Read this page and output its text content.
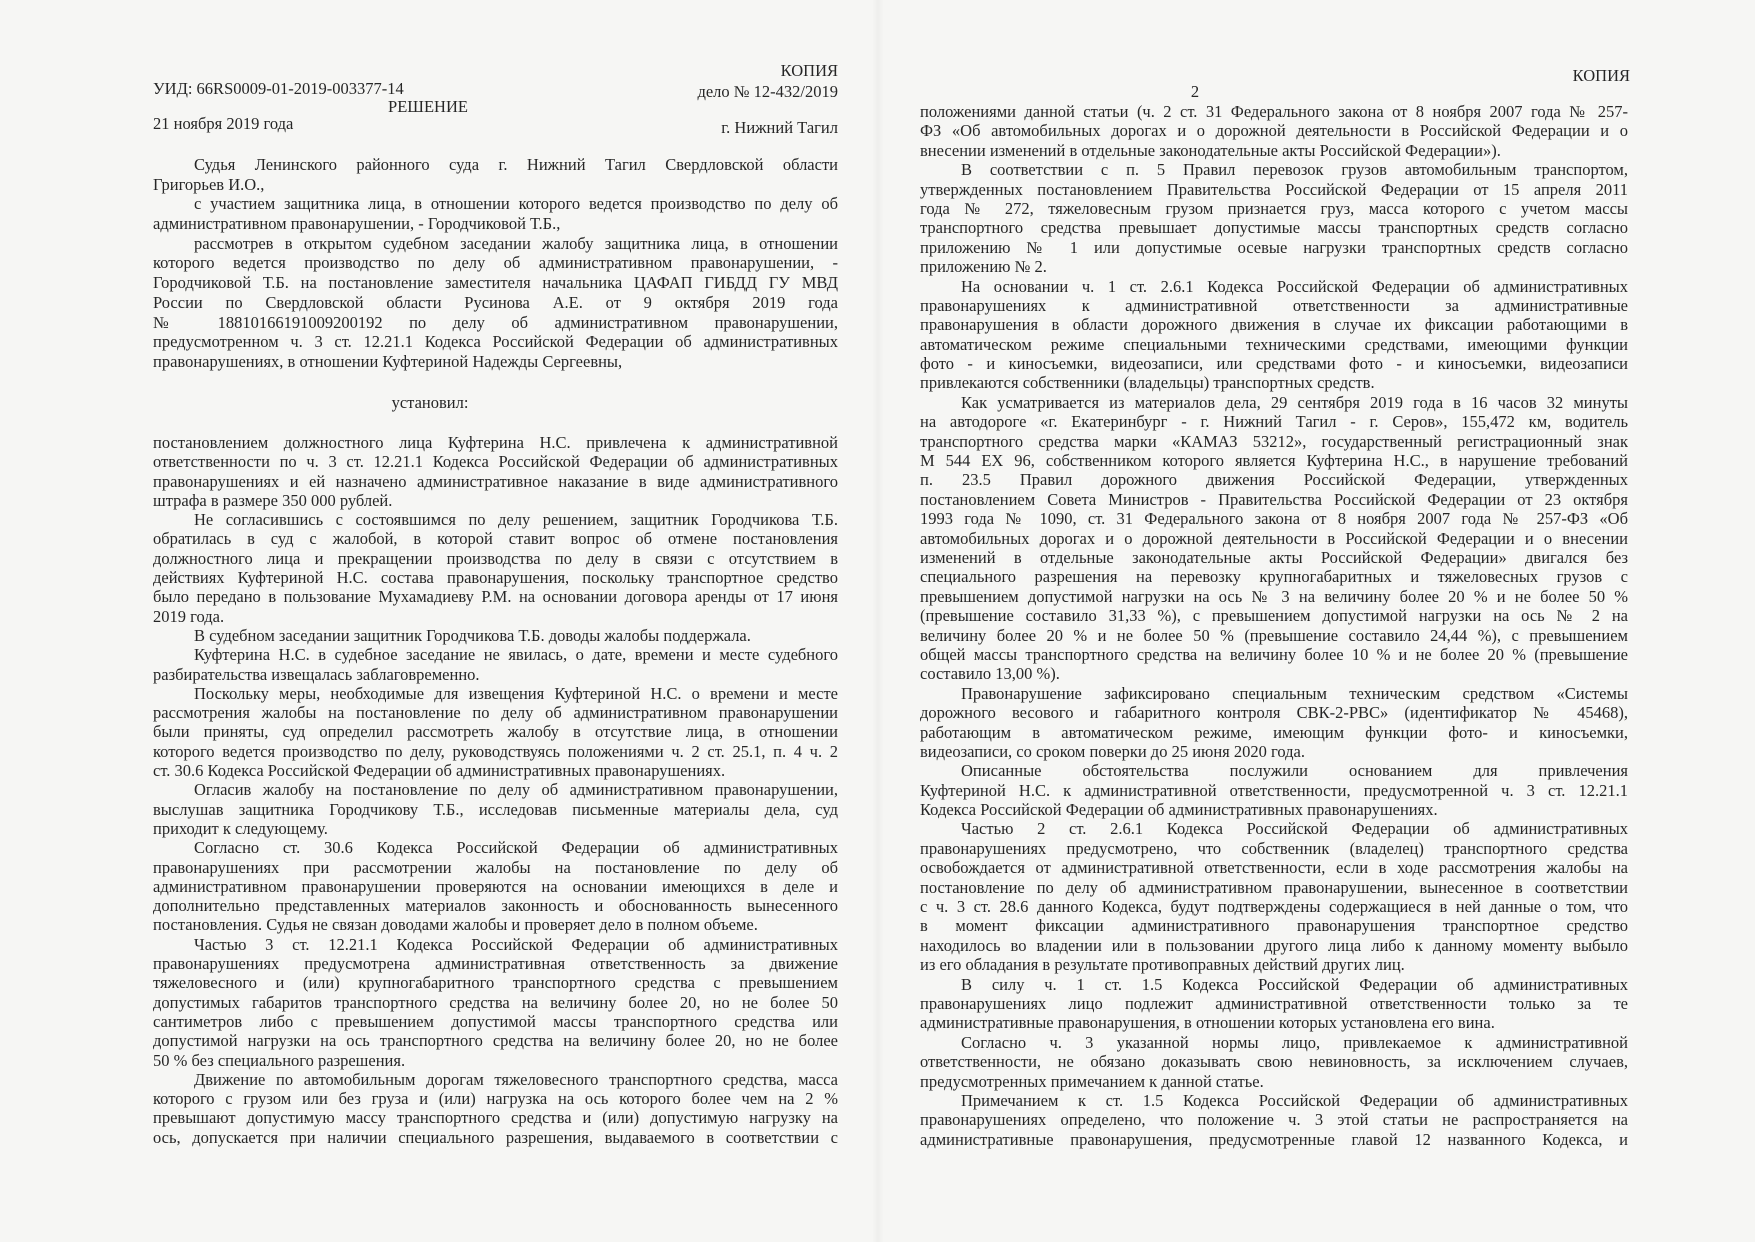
КОПИЯ
УИД: 66RS0009-01-2019-003377-14	дело № 12-432/2019
РЕШЕНИЕ
21 ноября 2019 года	г. Нижний Тагил
Судья Ленинского районного суда г. Нижний Тагил Свердловской области
Григорьев И.О.,
с участием защитника лица, в отношении которого ведется производство по делу об
административном правонарушении, - Городчиковой Т.Б.,
рассмотрев в открытом судебном заседании жалобу защитника лица, в отношении
которого ведется производство по делу об административном правонарушении, -
Городчиковой Т.Б. на постановление заместителя начальника ЦАФАП ГИБДД ГУ МВД
России по Свердловской области Русинова А.Е. от 9 октября 2019 года
№ 18810166191009200192 по делу об административном правонарушении,
предусмотренном ч. 3 ст. 12.21.1 Кодекса Российской Федерации об административных
правонарушениях, в отношении Куфтериной Надежды Сергеевны,
установил:
постановлением должностного лица Куфтерина Н.С. привлечена к административной
ответственности по ч. 3 ст. 12.21.1 Кодекса Российской Федерации об административных
правонарушениях и ей назначено административное наказание в виде административного
штрафа в размере 350 000 рублей.
Не согласившись с состоявшимся по делу решением, защитник Городчикова Т.Б.
обратилась в суд с жалобой, в которой ставит вопрос об отмене постановления
должностного лица и прекращении производства по делу в связи с отсутствием в
действиях Куфтериной Н.С. состава правонарушения, поскольку транспортное средство
было передано в пользование Мухамадиеву Р.М. на основании договора аренды от 17 июня
2019 года.
В судебном заседании защитник Городчикова Т.Б. доводы жалобы поддержала.
Куфтерина Н.С. в судебное заседание не явилась, о дате, времени и месте судебного
разбирательства извещалась заблаговременно.
Поскольку меры, необходимые для извещения Куфтериной Н.С. о времени и месте
рассмотрения жалобы на постановление по делу об административном правонарушении
были приняты, суд определил рассмотреть жалобу в отсутствие лица, в отношении
которого ведется производство по делу, руководствуясь положениями ч. 2 ст. 25.1, п. 4 ч. 2
ст. 30.6 Кодекса Российской Федерации об административных правонарушениях.
Огласив жалобу на постановление по делу об административном правонарушении,
выслушав защитника Городчикову Т.Б., исследовав письменные материалы дела, суд
приходит к следующему.
Согласно ст. 30.6 Кодекса Российской Федерации об административных
правонарушениях при рассмотрении жалобы на постановление по делу об
административном правонарушении проверяются на основании имеющихся в деле и
дополнительно представленных материалов законность и обоснованность вынесенного
постановления. Судья не связан доводами жалобы и проверяет дело в полном объеме.
Частью 3 ст. 12.21.1 Кодекса Российской Федерации об административных
правонарушениях предусмотрена административная ответственность за движение
тяжеловесного и (или) крупногабаритного транспортного средства с превышением
допустимых габаритов транспортного средства на величину более 20, но не более 50
сантиметров либо с превышением допустимой массы транспортного средства или
допустимой нагрузки на ось транспортного средства на величину более 20, но не более
50 % без специального разрешения.
Движение по автомобильным дорогам тяжеловесного транспортного средства, масса
которого с грузом или без груза и (или) нагрузка на ось которого более чем на 2 %
превышают допустимую массу транспортного средства и (или) допустимую нагрузку на
ось, допускается при наличии специального разрешения, выдаваемого в соответствии с
КОПИЯ
2
положениями данной статьи (ч. 2 ст. 31 Федерального закона от 8 ноября 2007 года № 257-
ФЗ «Об автомобильных дорогах и о дорожной деятельности в Российской Федерации и о
внесении изменений в отдельные законодательные акты Российской Федерации»).
В соответствии с п. 5 Правил перевозок грузов автомобильным транспортом,
утвержденных постановлением Правительства Российской Федерации от 15 апреля 2011
года № 272, тяжеловесным грузом признается груз, масса которого с учетом массы
транспортного средства превышает допустимые массы транспортных средств согласно
приложению № 1 или допустимые осевые нагрузки транспортных средств согласно
приложению № 2.
На основании ч. 1 ст. 2.6.1 Кодекса Российской Федерации об административных
правонарушениях к административной ответственности за административные
правонарушения в области дорожного движения в случае их фиксации работающими в
автоматическом режиме специальными техническими средствами, имеющими функции
фото - и киносъемки, видеозаписи, или средствами фото - и киносъемки, видеозаписи
привлекаются собственники (владельцы) транспортных средств.
Как усматривается из материалов дела, 29 сентября 2019 года в 16 часов 32 минуты
на автодороге «г. Екатеринбург - г. Нижний Тагил - г. Серов», 155,472 км, водитель
транспортного средства марки «КАМАЗ 53212», государственный регистрационный знак
М 544 ЕХ 96, собственником которого является Куфтерина Н.С., в нарушение требований
п. 23.5 Правил дорожного движения Российской Федерации, утвержденных
постановлением Совета Министров - Правительства Российской Федерации от 23 октября
1993 года № 1090, ст. 31 Федерального закона от 8 ноября 2007 года № 257-ФЗ «Об
автомобильных дорогах и о дорожной деятельности в Российской Федерации и о внесении
изменений в отдельные законодательные акты Российской Федерации» двигался без
специального разрешения на перевозку крупногабаритных и тяжеловесных грузов с
превышением допустимой нагрузки на ось № 3 на величину более 20 % и не более 50 %
(превышение составило 31,33 %), с превышением допустимой нагрузки на ось № 2 на
величину более 20 % и не более 50 % (превышение составило 24,44 %), с превышением
общей массы транспортного средства на величину более 10 % и не более 20 % (превышение
составило 13,00 %).
Правонарушение зафиксировано специальным техническим средством «Системы
дорожного весового и габаритного контроля СВК-2-РВС» (идентификатор № 45468),
работающим в автоматическом режиме, имеющим функции фото- и киносъемки,
видеозаписи, со сроком поверки до 25 июня 2020 года.
Описанные обстоятельства послужили основанием для привлечения
Куфтериной Н.С. к административной ответственности, предусмотренной ч. 3 ст. 12.21.1
Кодекса Российской Федерации об административных правонарушениях.
Частью 2 ст. 2.6.1 Кодекса Российской Федерации об административных
правонарушениях предусмотрено, что собственник (владелец) транспортного средства
освобождается от административной ответственности, если в ходе рассмотрения жалобы на
постановление по делу об административном правонарушении, вынесенное в соответствии
с ч. 3 ст. 28.6 данного Кодекса, будут подтверждены содержащиеся в ней данные о том, что
в момент фиксации административного правонарушения транспортное средство
находилось во владении или в пользовании другого лица либо к данному моменту выбыло
из его обладания в результате противоправных действий других лиц.
В силу ч. 1 ст. 1.5 Кодекса Российской Федерации об административных
правонарушениях лицо подлежит административной ответственности только за те
административные правонарушения, в отношении которых установлена его вина.
Согласно ч. 3 указанной нормы лицо, привлекаемое к административной
ответственности, не обязано доказывать свою невиновность, за исключением случаев,
предусмотренных примечанием к данной статье.
Примечанием к ст. 1.5 Кодекса Российской Федерации об административных
правонарушениях определено, что положение ч. 3 этой статьи не распространяется на
административные правонарушения, предусмотренные главой 12 названного Кодекса, и
